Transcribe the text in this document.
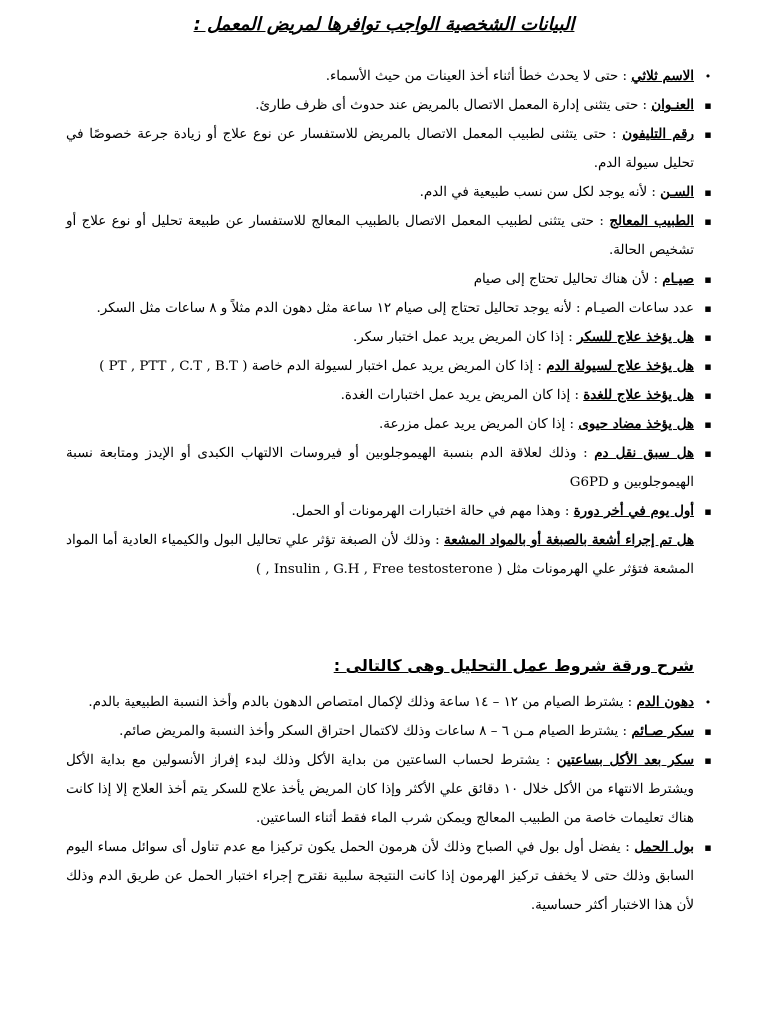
البيانات الشخصية الواجب توافرها لمريض المعمل :
•
الاسم ثلاثي : حتى لا يحدث خطأ أثناء أخذ العينات من حيث الأسماء.
▪
العنـوان : حتى يتثنى إدارة المعمل الاتصال بالمريض عند حدوث أى ظرف طارئ.
▪
رقم التليفون : حتى يتثنى لطبيب المعمل الاتصال بالمريض للاستفسار عن نوع علاج أو زيادة جرعة خصوصًا في تحليل سيولة الدم.
▪
السـن : لأنه يوجد لكل سن نسب طبيعية في الدم.
▪
الطبيب المعالج : حتى يتثنى لطبيب المعمل الاتصال بالطبيب المعالج للاستفسار عن طبيعة تحليل أو نوع علاج أو تشخيص الحالة.
▪
صيـام : لأن هناك تحاليل تحتاج إلى صيام
▪
عدد ساعات الصيـام : لأنه يوجد تحاليل تحتاج إلى صيام ١٢ ساعة مثل دهون الدم مثلاً و ٨ ساعات مثل السكر.
▪
هل يؤخذ علاج للسكر : إذا كان المريض يريد عمل اختبار سكر.
▪
هل يؤخذ علاج لسيولة الدم : إذا كان المريض يريد عمل اختبار لسيولة الدم خاصة ( PT , PTT , C.T , B.T )
▪
هل يؤخذ علاج للغدة : إذا كان المريض يريد عمل اختبارات الغدة.
▪
هل يؤخذ مضاد حيوى : إذا كان المريض يريد عمل مزرعة.
▪
هل سبق نقل دم : وذلك لعلاقة الدم بنسبة الهيموجلوبين أو فيروسات الالتهاب الكبدى أو الإيدز ومتابعة نسبة الهيموجلوبين و G6PD
▪
أول يوم في أخر دورة : وهذا مهم في حالة اختبارات الهرمونات أو الحمل.
هل تم إجراء أشعة بالصبغة أو بالمواد المشعة : وذلك لأن الصبغة تؤثر علي تحاليل البول والكيمياء العادية أما المواد المشعة فتؤثر علي الهرمونات مثل ( Insulin , G.H , Free testosterone , )
شرح ورقة شروط عمل التحليل وهى كالتالى :
•
دهون الدم : يشترط الصيام من ١٢ – ١٤ ساعة وذلك لإكمال امتصاص الدهون بالدم وأخذ النسبة الطبيعية بالدم.
▪
سكر صـائم : يشترط الصيام مـن ٦ – ٨ ساعات وذلك لاكتمال احتراق السكر وأخذ النسبة والمريض صائم.
▪
سكر بعد الأكل بساعتين : يشترط لحساب الساعتين من بداية الأكل وذلك لبدء إفراز الأنسولين مع بداية الأكل ويشترط الانتهاء من الأكل خلال ١٠ دقائق علي الأكثر وإذا كان المريض يأخذ علاج للسكر يتم أخذ العلاج إلا إذا كانت هناك تعليمات خاصة من الطبيب المعالج ويمكن شرب الماء فقط أثناء الساعتين.
▪
بول الحمل : يفضل أول بول في الصباح وذلك لأن هرمون الحمل يكون تركيزا مع عدم تناول أى سوائل مساء اليوم السابق وذلك حتى لا يخفف تركيز الهرمون إذا كانت النتيجة سلبية نقترح إجراء اختبار الحمل عن طريق الدم وذلك لأن هذا الاختبار أكثر حساسية.
